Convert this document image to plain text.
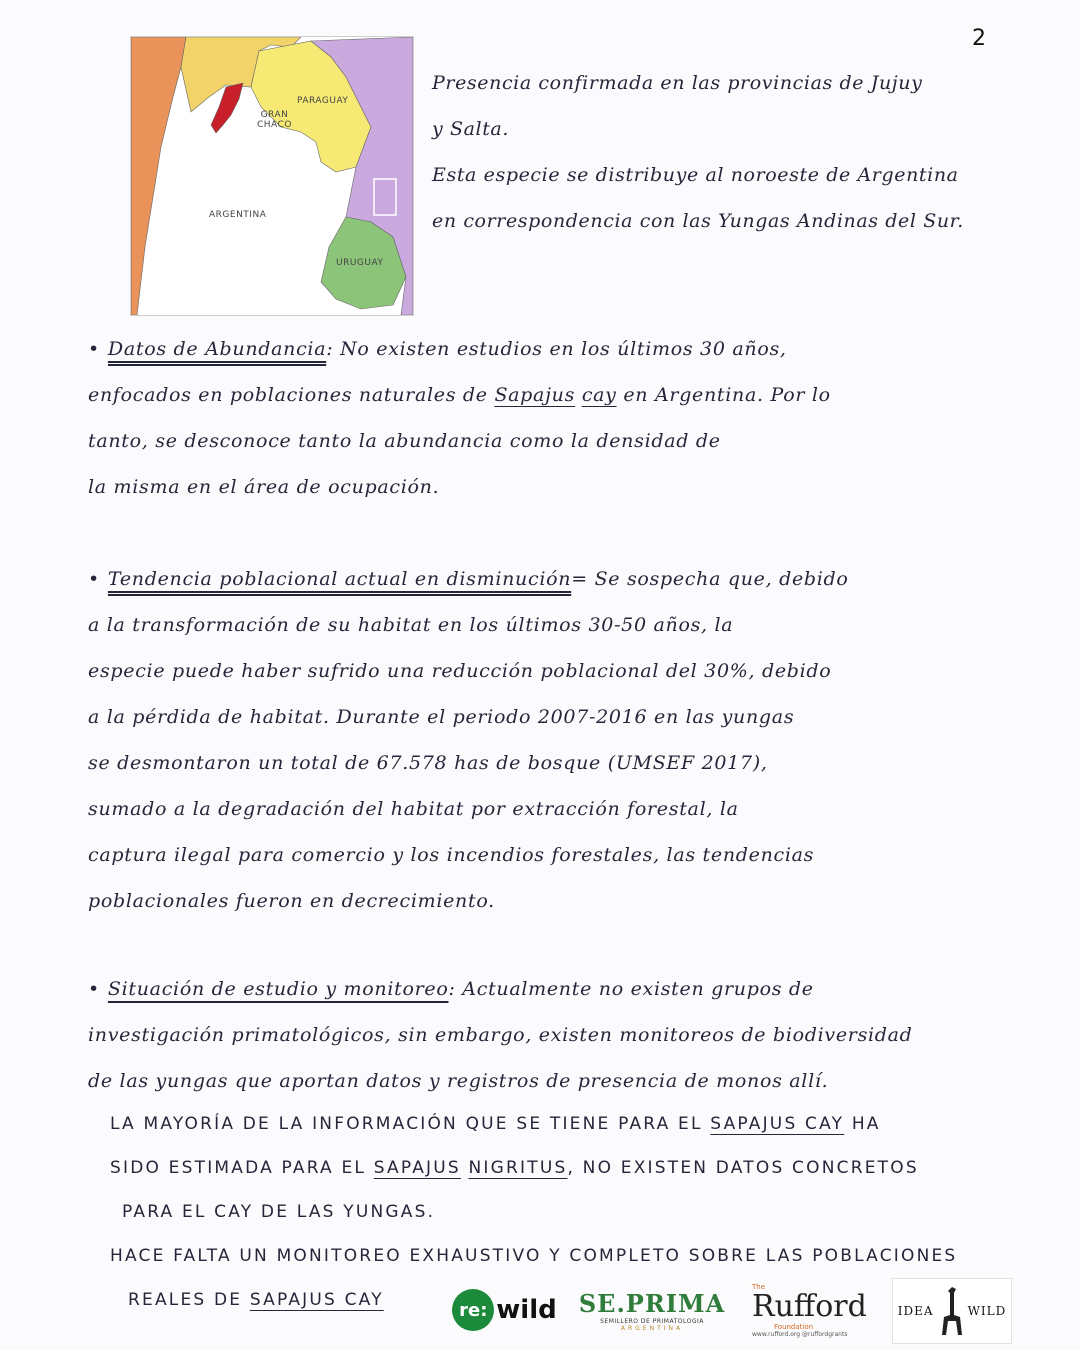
2
PARAGUAY
GRAN
CHACO
ARGENTINA
URUGUAY

Presencia confirmada en las provincias de Jujuy

y Salta.

Esta especie se distribuye al noroeste de Argentina

en correspondencia con las Yungas Andinas del Sur.

• Datos de Abundancia: No existen estudios en los últimos 30 años,

enfocados en poblaciones naturales de Sapajus cay en Argentina. Por lo

tanto, se desconoce tanto la abundancia como la densidad de

la misma en el área de ocupación.

• Tendencia poblacional actual en disminución= Se sospecha que, debido

a la transformación de su habitat en los últimos 30-50 años, la

especie puede haber sufrido una reducción poblacional del 30%, debido

a la pérdida de habitat. Durante el periodo 2007-2016 en las yungas

se desmontaron un total de 67.578 has de bosque (UMSEF 2017),

sumado a la degradación del habitat por extracción forestal, la

captura ilegal para comercio y los incendios forestales, las tendencias

poblacionales fueron en decrecimiento.

• Situación de estudio y monitoreo: Actualmente no existen grupos de

investigación primatológicos, sin embargo, existen monitoreos de biodiversidad

de las yungas que aportan datos y registros de presencia de monos allí.

LA MAYORÍA DE LA INFORMACIÓN QUE SE TIENE PARA EL SAPAJUS CAY HA

SIDO ESTIMADA PARA EL SAPAJUS NIGRITUS, NO EXISTEN DATOS CONCRETOS

PARA EL CAY DE LAS YUNGAS.

HACE FALTA UN MONITOREO EXHAUSTIVO Y COMPLETO SOBRE LAS POBLACIONES

REALES DE SAPAJUS CAY	re: wild SE.PRIMA
SEMILLERO DE PRIMATOLOGIA
ARGENTINA
The
Rufford
Foundation
www.rufford.org @ruffordgrants
IDEA	WILD
